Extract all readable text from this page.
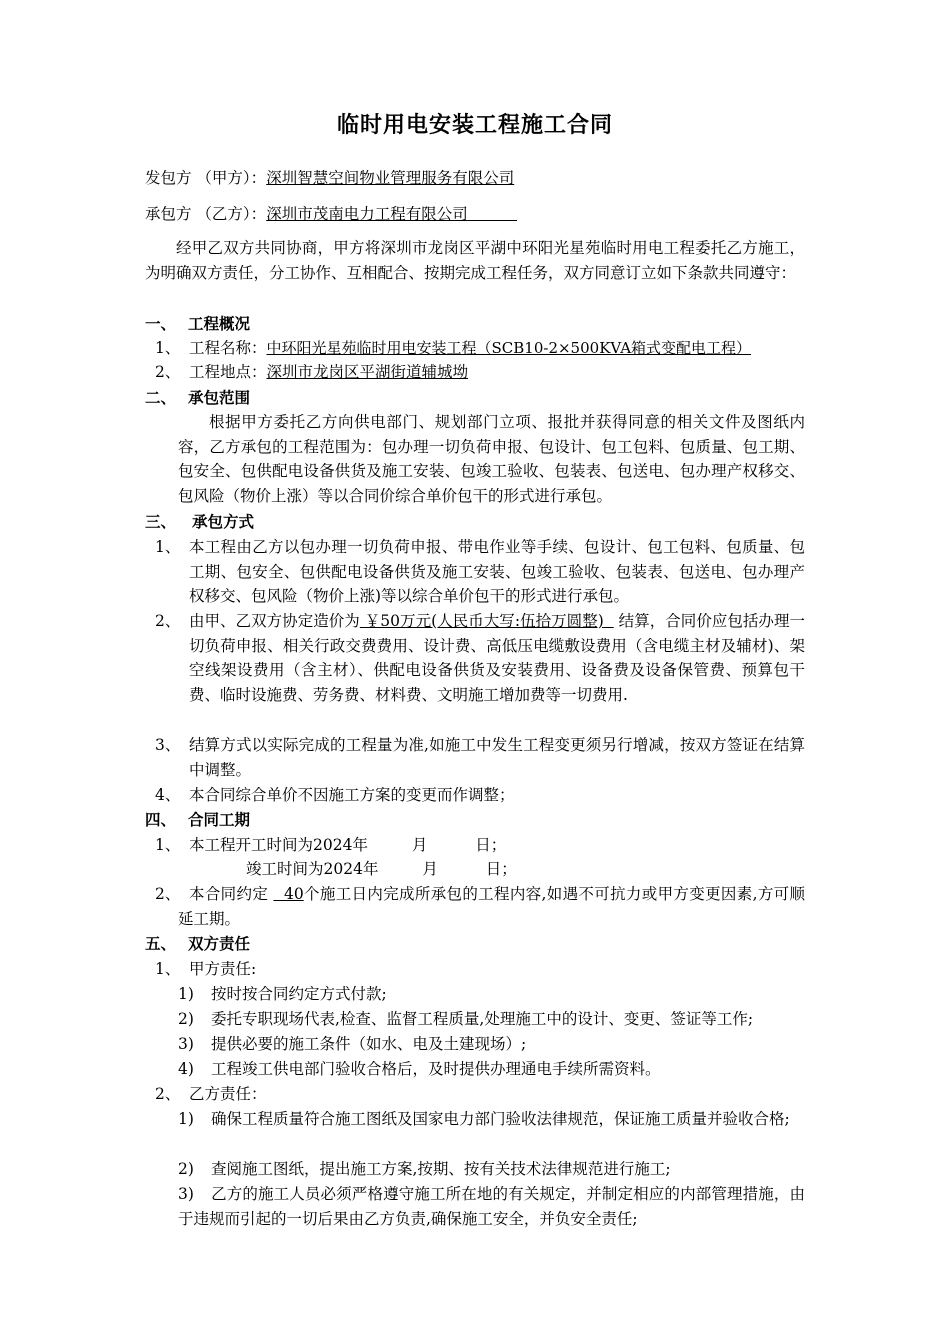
临时用电安装工程施工合同
发包方 （甲方）：深圳智慧空间物业管理服务有限公司
承包方 （乙方）：深圳市茂南电力工程有限公司
经甲乙双方共同协商，甲方将深圳市龙岗区平湖中环阳光星苑临时用电工程委托乙方施工，为明确双方责任，分工协作、互相配合、按期完成工程任务，双方同意订立如下条款共同遵守：
一、 工程概况
1、 工程名称：中环阳光星苑临时用电安装工程（SCB10-2×500KVA箱式变配电工程）
2、 工程地点：深圳市龙岗区平湖街道辅城坳
二、 承包范围
根据甲方委托乙方向供电部门、规划部门立项、报批并获得同意的相关文件及图纸内容，乙方承包的工程范围为：包办理一切负荷申报、包设计、包工包料、包质量、包工期、包安全、包供配电设备供货及施工安装、包竣工验收、包装表、包送电、包办理产权移交、包风险（物价上涨）等以合同价综合单价包干的形式进行承包。
三、 承包方式
1、 本工程由乙方以包办理一切负荷申报、带电作业等手续、包设计、包工包料、包质量、包工期、包安全、包供配电设备供货及施工安装、包竣工验收、包装表、包送电、包办理产权移交、包风险（物价上涨)等以综合单价包干的形式进行承包。
2、 由甲、乙双方协定造价为 ￥50万元(人民币大写:伍拾万圆整) 结算，合同价应包括办理一切负荷申报、相关行政交费费用、设计费、高低压电缆敷设费用（含电缆主材及辅材)、架空线架设费用（含主材）、供配电设备供货及安装费用、设备费及设备保管费、预算包干费、临时设施费、劳务费、材料费、文明施工增加费等一切费用.
3、 结算方式以实际完成的工程量为准,如施工中发生工程变更须另行增减，按双方签证在结算中调整。
4、 本合同综合单价不因施工方案的变更而作调整；
四、 合同工期
1、 本工程开工时间为2024年	月	日；
竣工时间为2024年	月	日；
2、 本合同约定 40个施工日内完成所承包的工程内容,如遇不可抗力或甲方变更因素,方可顺延工期。
五、 双方责任
1、 甲方责任:
1) 按时按合同约定方式付款;
2) 委托专职现场代表,检查、监督工程质量,处理施工中的设计、变更、签证等工作;
3) 提供必要的施工条件（如水、电及土建现场）;
4) 工程竣工供电部门验收合格后，及时提供办理通电手续所需资料。
2、 乙方责任：
1) 确保工程质量符合施工图纸及国家电力部门验收法律规范，保证施工质量并验收合格;
2) 查阅施工图纸，提出施工方案,按期、按有关技术法律规范进行施工;
3) 乙方的施工人员必须严格遵守施工所在地的有关规定，并制定相应的内部管理措施，由于违规而引起的一切后果由乙方负责,确保施工安全，并负安全责任;
